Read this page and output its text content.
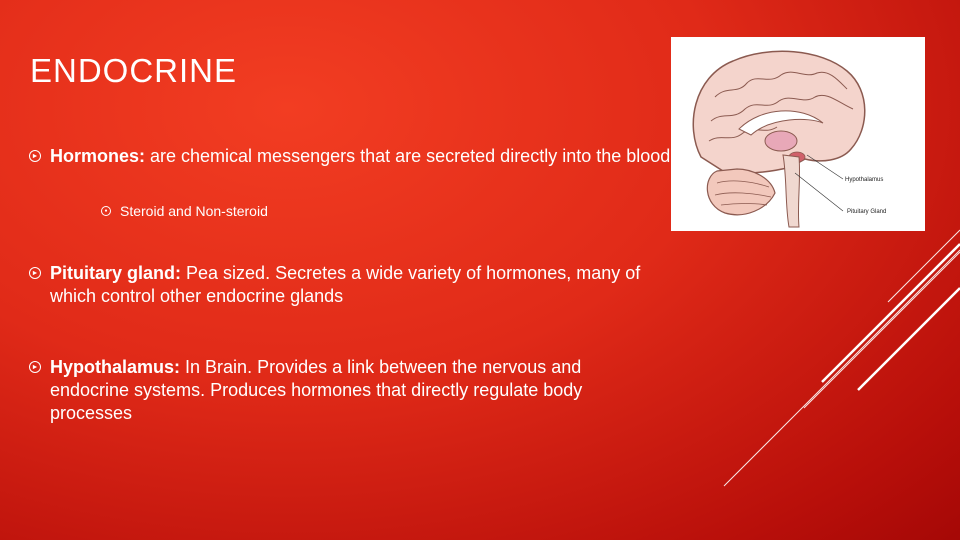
ENDOCRINE
► Hormones: are chemical messengers that are secreted directly into the blood
● Steroid and Non-steroid
► Pituitary gland: Pea sized. Secretes a wide variety of hormones, many of which control other endocrine glands
► Hypothalamus: In Brain. Provides a link between the nervous and endocrine systems. Produces hormones that directly regulate body processes
Hypothalamus
Pituitary Gland
